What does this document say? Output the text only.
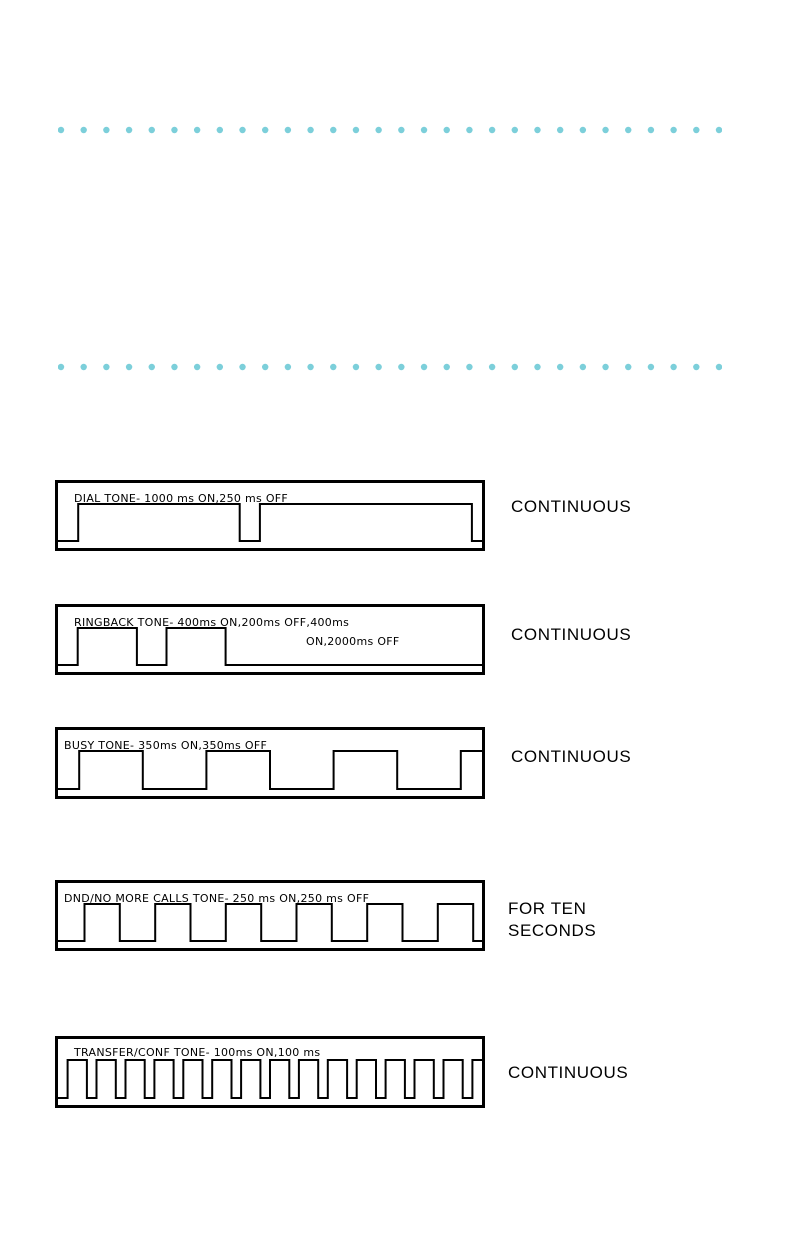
DIAL TONE- 1000 ms ON,250 ms OFF	CONTINUOUS
RINGBACK TONE- 400ms ON,200ms OFF,400ms
ON,2000ms OFF	CONTINUOUS
BUSY TONE- 350ms ON,350ms OFF
CONTINUOUS
DND/NO MORE CALLS TONE- 250 ms ON,250 ms OFF
FOR TEN
SECONDS
TRANSFER/CONF TONE- 100ms ON,100 ms
CONTINUOUS
